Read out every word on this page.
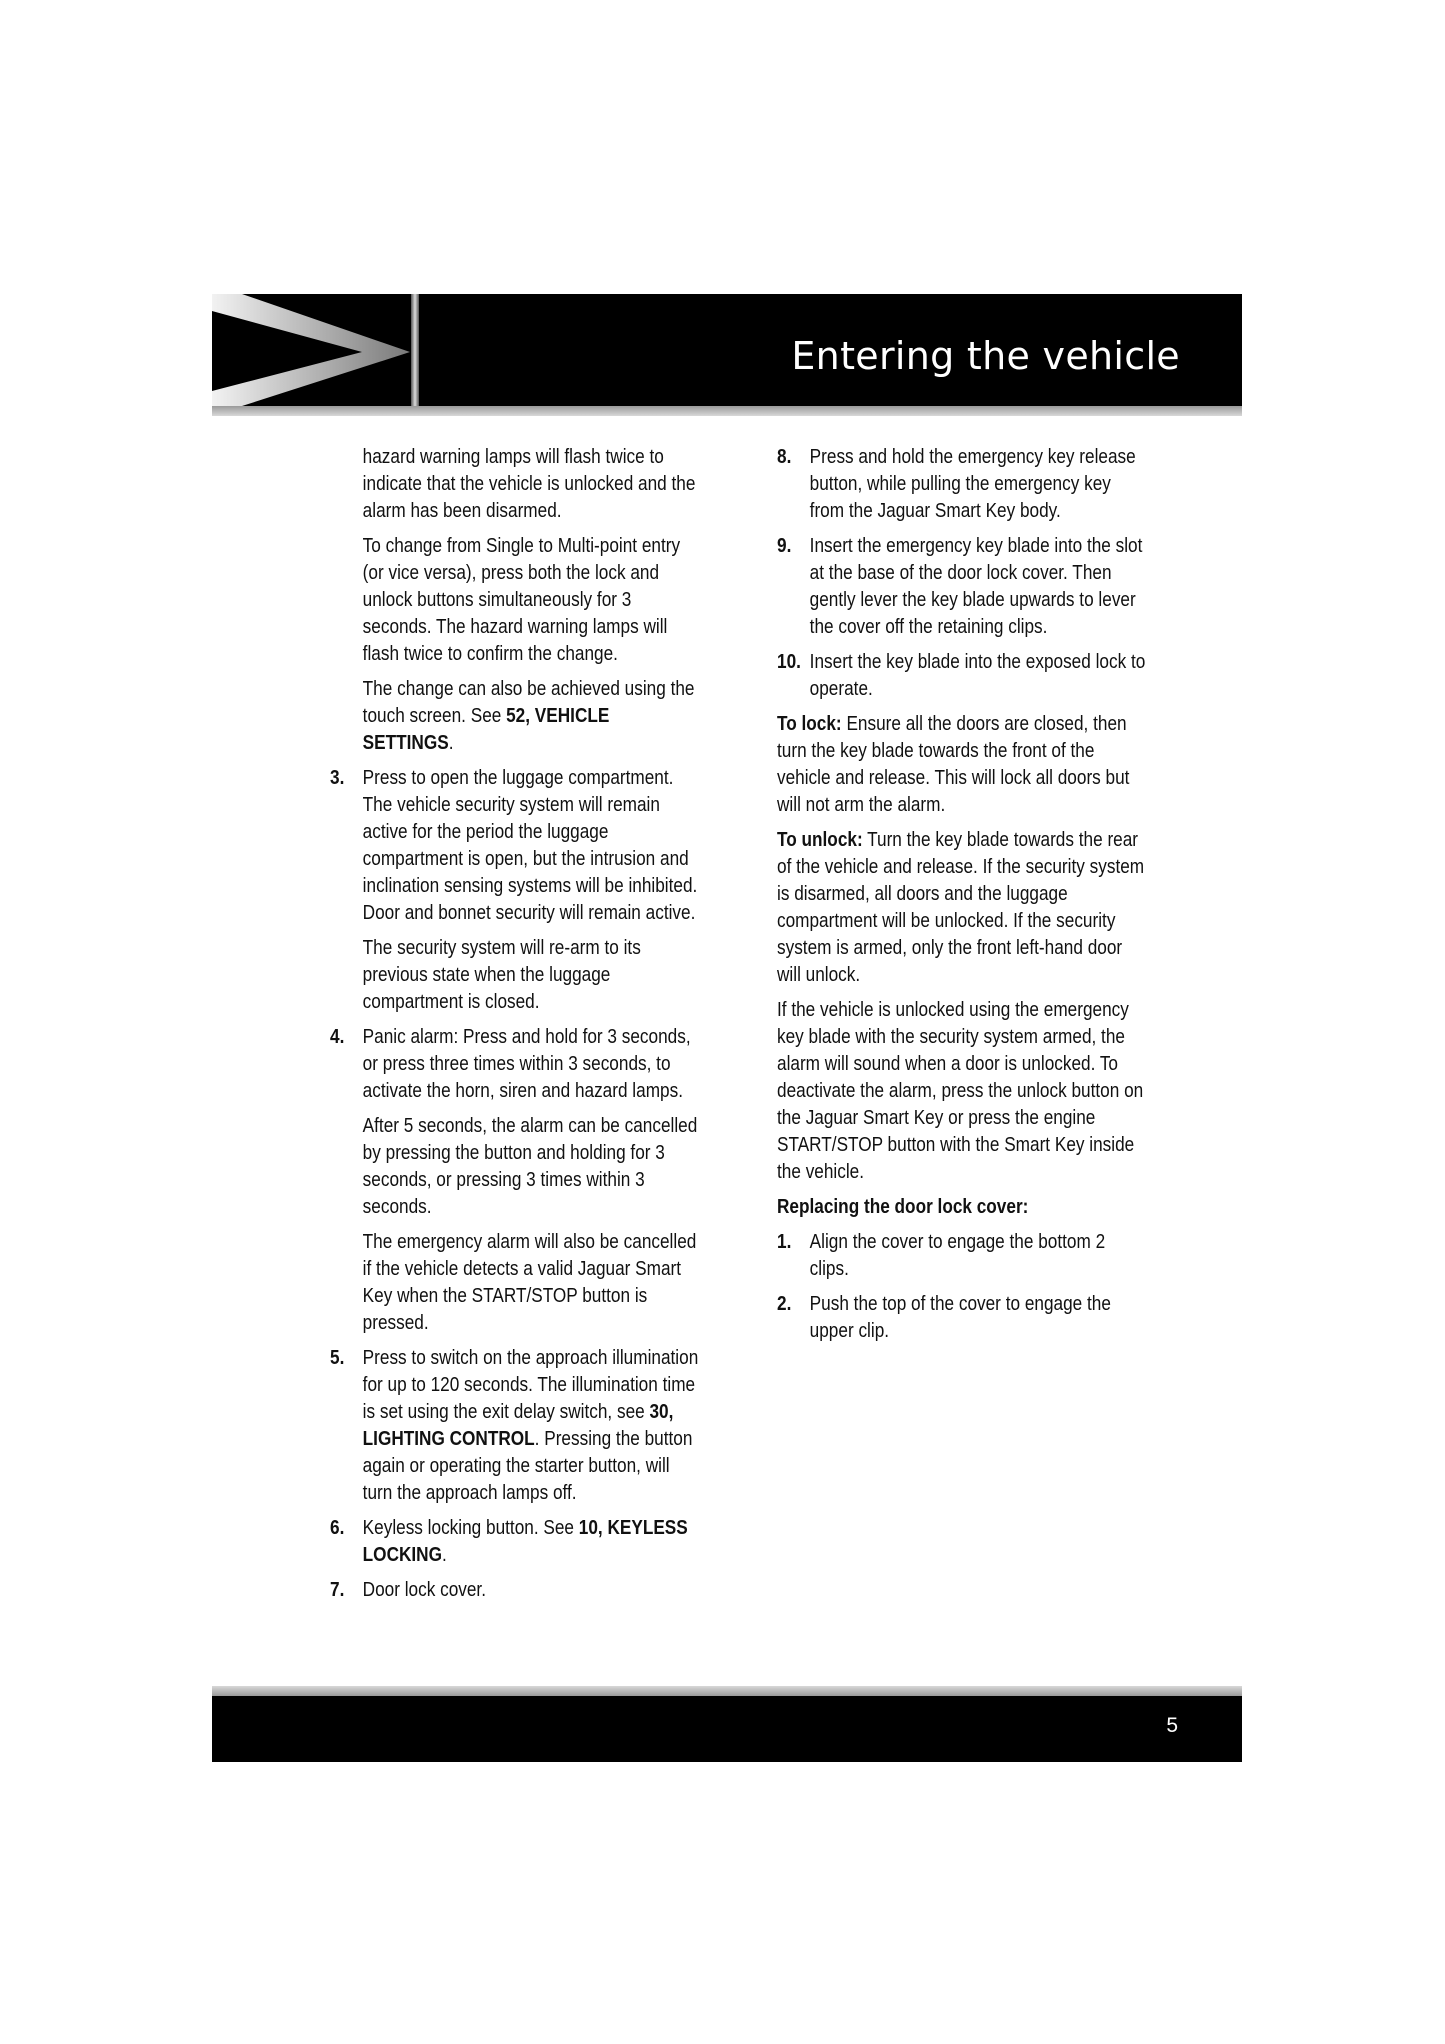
Entering the vehicle

hazard warning lamps will flash twice to indicate that the vehicle is unlocked and the alarm has been disarmed.

To change from Single to Multi-point entry (or vice versa), press both the lock and unlock buttons simultaneously for 3 seconds. The hazard warning lamps will flash twice to confirm the change.

The change can also be achieved using the touch screen. See 52, VEHICLE SETTINGS.

3. Press to open the luggage compartment. The vehicle security system will remain active for the period the luggage compartment is open, but the intrusion and inclination sensing systems will be inhibited. Door and bonnet security will remain active.

The security system will re-arm to its previous state when the luggage compartment is closed.

4. Panic alarm: Press and hold for 3 seconds, or press three times within 3 seconds, to activate the horn, siren and hazard lamps.

After 5 seconds, the alarm can be cancelled by pressing the button and holding for 3 seconds, or pressing 3 times within 3 seconds.

The emergency alarm will also be cancelled if the vehicle detects a valid Jaguar Smart Key when the START/STOP button is pressed.

5. Press to switch on the approach illumination for up to 120 seconds. The illumination time is set using the exit delay switch, see 30, LIGHTING CONTROL. Pressing the button again or operating the starter button, will turn the approach lamps off.
6. Keyless locking button. See 10, KEYLESS LOCKING.
7. Door lock cover.
8. Press and hold the emergency key release button, while pulling the emergency key from the Jaguar Smart Key body.
9. Insert the emergency key blade into the slot at the base of the door lock cover. Then gently lever the key blade upwards to lever the cover off the retaining clips.
10. Insert the key blade into the exposed lock to operate.

To lock: Ensure all the doors are closed, then turn the key blade towards the front of the vehicle and release. This will lock all doors but will not arm the alarm.

To unlock: Turn the key blade towards the rear of the vehicle and release. If the security system is disarmed, all doors and the luggage compartment will be unlocked. If the security system is armed, only the front left-hand door will unlock.

If the vehicle is unlocked using the emergency key blade with the security system armed, the alarm will sound when a door is unlocked. To deactivate the alarm, press the unlock button on the Jaguar Smart Key or press the engine START/STOP button with the Smart Key inside the vehicle.

Replacing the door lock cover:

1. Align the cover to engage the bottom 2 clips.
2. Push the top of the cover to engage the upper clip.
5
